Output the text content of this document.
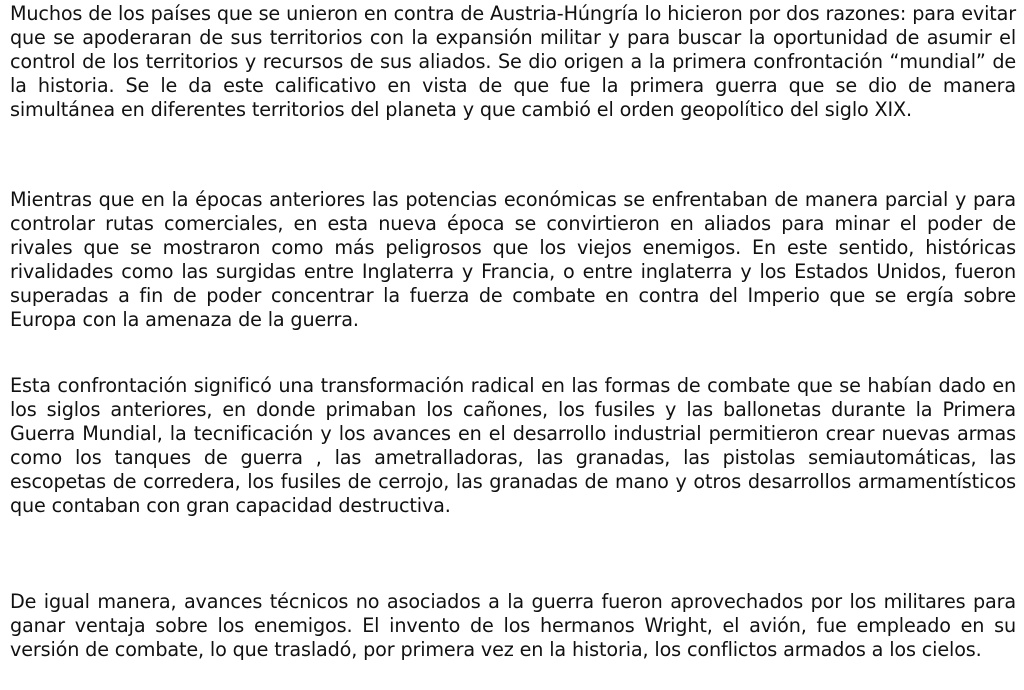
Muchos de los países que se unieron en contra de Austria-Húngría lo hicieron por dos razones: para evitar que se apoderaran de sus territorios con la expansión militar y para buscar la oportunidad de asumir el control de los territorios y recursos de sus aliados. Se dio origen a la primera confrontación “mundial” de la historia. Se le da este calificativo en vista de que fue la primera guerra que se dio de manera simultánea en diferentes territorios del planeta y que cambió el orden geopolítico del siglo XIX.

Mientras que en la épocas anteriores las potencias económicas se enfrentaban de manera parcial y para controlar rutas comerciales, en esta nueva época se convirtieron en aliados para minar el poder de rivales que se mostraron como más peligrosos que los viejos enemigos. En este sentido, históricas rivalidades como las surgidas entre Inglaterra y Francia, o entre inglaterra y los Estados Unidos, fueron superadas a fin de poder concentrar la fuerza de combate en contra del Imperio que se ergía sobre Europa con la amenaza de la guerra.

Esta confrontación significó una transformación radical en las formas de combate que se habían dado en los siglos anteriores, en donde primaban los cañones, los fusiles y las ballonetas durante la Primera Guerra Mundial, la tecnificación y los avances en el desarrollo industrial permitieron crear nuevas armas como los tanques de guerra , las ametralladoras, las granadas, las pistolas semiautomáticas, las escopetas de corredera, los fusiles de cerrojo, las granadas de mano y otros desarrollos armamentísticos que contaban con gran capacidad destructiva.

De igual manera, avances técnicos no asociados a la guerra fueron aprovechados por los militares para ganar ventaja sobre los enemigos. El invento de los hermanos Wright, el avión, fue empleado en su versión de combate, lo que trasladó, por primera vez en la historia, los conflictos armados a los cielos.
